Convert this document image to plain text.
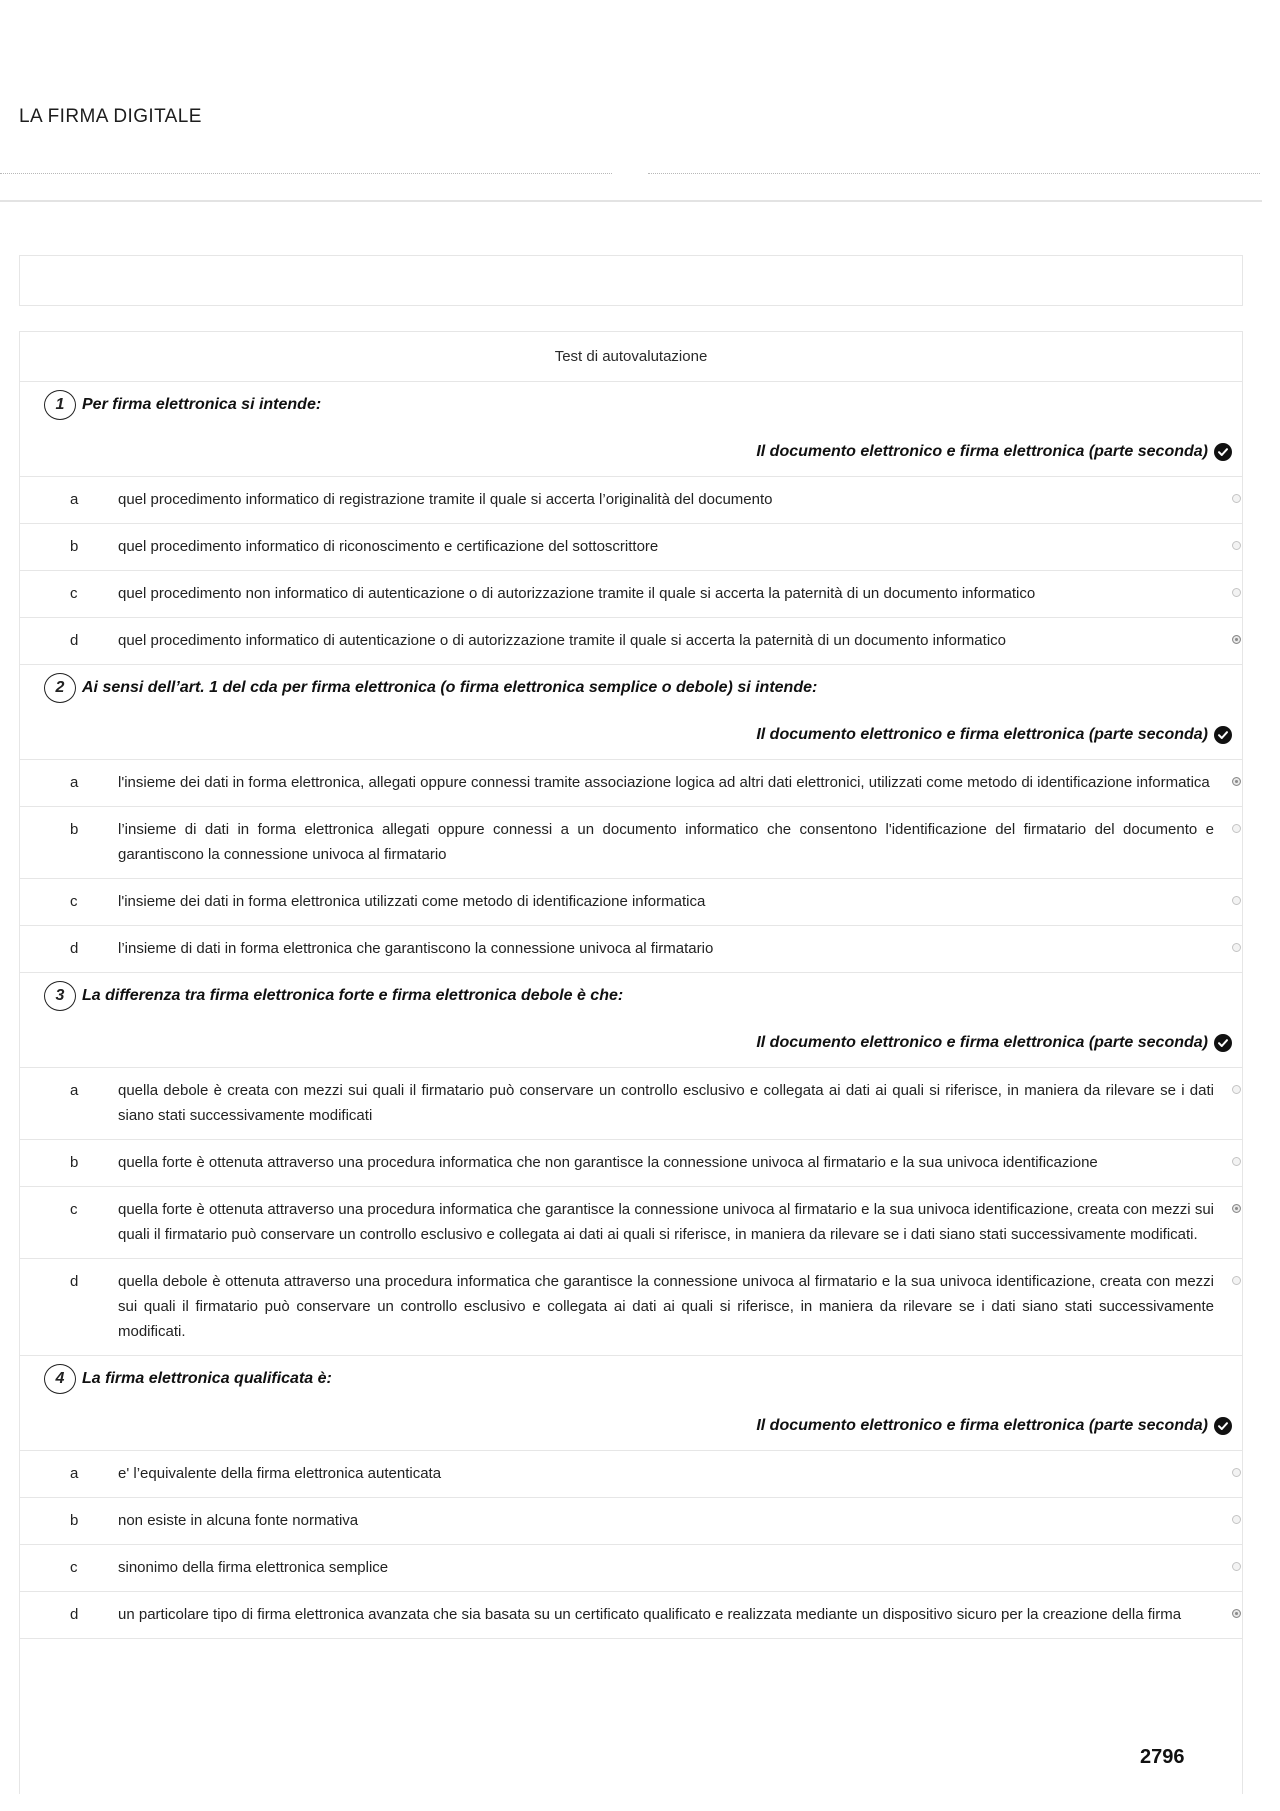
LA FIRMA DIGITALE
Test di autovalutazione
1	Per firma elettronica si intende:
Il documento elettronico e firma elettronica (parte seconda)
a	quel procedimento informatico di registrazione tramite il quale si accerta l’originalità del documento
b	quel procedimento informatico di riconoscimento e certificazione del sottoscrittore
c	quel procedimento non informatico di autenticazione o di autorizzazione tramite il quale si accerta la paternità di un documento informatico
d	quel procedimento informatico di autenticazione o di autorizzazione tramite il quale si accerta la paternità di un documento informatico
2	Ai sensi dell’art. 1 del cda per firma elettronica (o firma elettronica semplice o debole) si intende:
Il documento elettronico e firma elettronica (parte seconda)
a	l'insieme dei dati in forma elettronica, allegati oppure connessi tramite associazione logica ad altri dati elettronici, utilizzati come metodo di identificazione informatica
b	l’insieme di dati in forma elettronica allegati oppure connessi a un documento informatico che consentono l'identificazione del firmatario del documento e garantiscono la connessione univoca al firmatario
c	l'insieme dei dati in forma elettronica utilizzati come metodo di identificazione informatica
d	l’insieme di dati in forma elettronica che garantiscono la connessione univoca al firmatario
3	La differenza tra firma elettronica forte e firma elettronica debole è che:
Il documento elettronico e firma elettronica (parte seconda)
a	quella debole è creata con mezzi sui quali il firmatario può conservare un controllo esclusivo e collegata ai dati ai quali si riferisce, in maniera da rilevare se i dati siano stati successivamente modificati
b	quella forte è ottenuta attraverso una procedura informatica che non garantisce la connessione univoca al firmatario e la sua univoca identificazione
c	quella forte è ottenuta attraverso una procedura informatica che garantisce la connessione univoca al firmatario e la sua univoca identificazione, creata con mezzi sui quali il firmatario può conservare un controllo esclusivo e collegata ai dati ai quali si riferisce, in maniera da rilevare se i dati siano stati successivamente modificati.
d	quella debole è ottenuta attraverso una procedura informatica che garantisce la connessione univoca al firmatario e la sua univoca identificazione, creata con mezzi sui quali il firmatario può conservare un controllo esclusivo e collegata ai dati ai quali si riferisce, in maniera da rilevare se i dati siano stati successivamente modificati.
4	La firma elettronica qualificata è:
Il documento elettronico e firma elettronica (parte seconda)
a	e' l’equivalente della firma elettronica autenticata
b	non esiste in alcuna fonte normativa
c	sinonimo della firma elettronica semplice
d	un particolare tipo di firma elettronica avanzata che sia basata su un certificato qualificato e realizzata mediante un dispositivo sicuro per la creazione della firma
2796
